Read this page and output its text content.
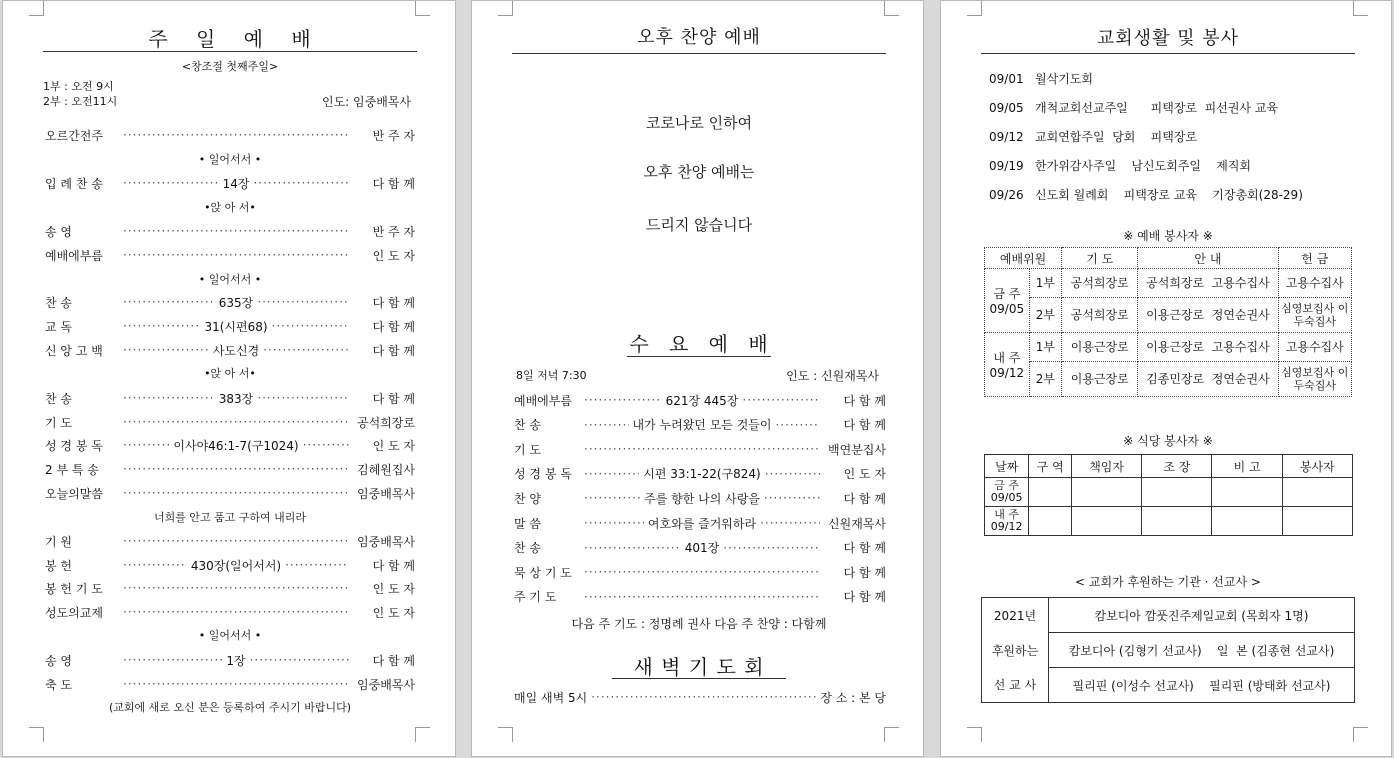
주 일 예 배
<창조절 첫째주일>
1부 : 오전 9시
2부 : 오전11시	인도: 임중배목사
오르간전주 ·····	반 주 자
• 일어서서 •
입 례 찬 송 ·····	14장 ·····	다 함 께
•앉 아 서•
송 영 ·····	반 주 자
예배에부름 ·····	인 도 자
• 일어서서 •
찬 송 ·····	635장 ·····	다 함 께
교 독 ·····	31(시편68) ·····	다 함 께
신 앙 고 백 ·····	사도신경 ·····	다 함 께
•앉 아 서•
찬 송 ·····	383장 ·····	다 함 께
기 도 ·····	공석희장로
성 경 봉 독 ·····	이사야46:1-7(구1024) ·····	인 도 자
2 부 특 송 ·····	김혜원집사
오늘의말씀 ·····	임중배목사
너희를 안고 품고 구하여 내리라
기 원 ·····	임중배목사
봉 헌 ·····	430장(일어서서) ·····	다 함 께
봉 헌 기 도 ·····	인 도 자
성도의교제 ·····	인 도 자
• 일어서서 •
송 영 ·····	1장 ·····	다 함 께
축 도 ·····	임중배목사
(교회에 새로 오신 분은 등록하여 주시기 바랍니다)
오후 찬양 예배
코로나로 인하여
오후 찬양 예배는
드리지 않습니다
수 요 예 배
8일 저녁 7:30	인도 : 신원재목사
예배에부름 ·····	621장 445장 ·····	다 함 께
찬 송 ·····	내가 누려왔던 모든 것들이 ·····	다 함 께
기 도 ·····	백연분집사
성 경 봉 독 ·····	시편 33:1-22(구824) ·····	인 도 자
찬 양 ·····	주를 향한 나의 사랑을 ·····	다 함 께
말 씀 ·····	여호와를 즐거워하라 ·····	신원재목사
찬 송 ·····	401장 ·····	다 함 께
묵 상 기 도 ·····	다 함 께
주 기 도 ·····	다 함 께
다음 주 기도 : 정명례 권사 다음 주 찬양 : 다함께
새 벽 기 도 회
매일 새벽 5시 ·····	장 소 : 본 당
교회생활 및 봉사
09/01   월삭기도회
09/05   개척교회선교주일      피택장로  피선권사 교육
09/12   교회연합주일  당회    피택장로
09/19   한가위감사주일    남신도회주일    제직회
09/26   신도회 월례회    피택장로 교육    기장총회(28-29)
※ 예배 봉사자 ※
예배위원		기 도	안 내	헌 금
금 주 09/05	1부	공석희장로	공석희장로  고용수집사	고용수집사
	2부	공석희장로	이용근장로  정연순권사	심영보집사 이두숙집사
내 주 09/12	1부	이용근장로	이용근장로  고용수집사	고용수집사
	2부	이용근장로	김종민장로  정연순권사	심영보집사 이두숙집사
※ 식당 봉사자 ※
날짜	구 역	책임자	조 장	비 고	봉사자
금 주 09/05					
내 주 09/12					
< 교회가 후원하는 기관 · 선교사 >
2021년	캄보디아 깜풋진주제일교회 (목회자 1명)
후원하는	캄보디아 (김형기 선교사)    일  본 (김종현 선교사)
선 교 사	필리핀 (이성수 선교사)    필리핀 (방태화 선교사)
